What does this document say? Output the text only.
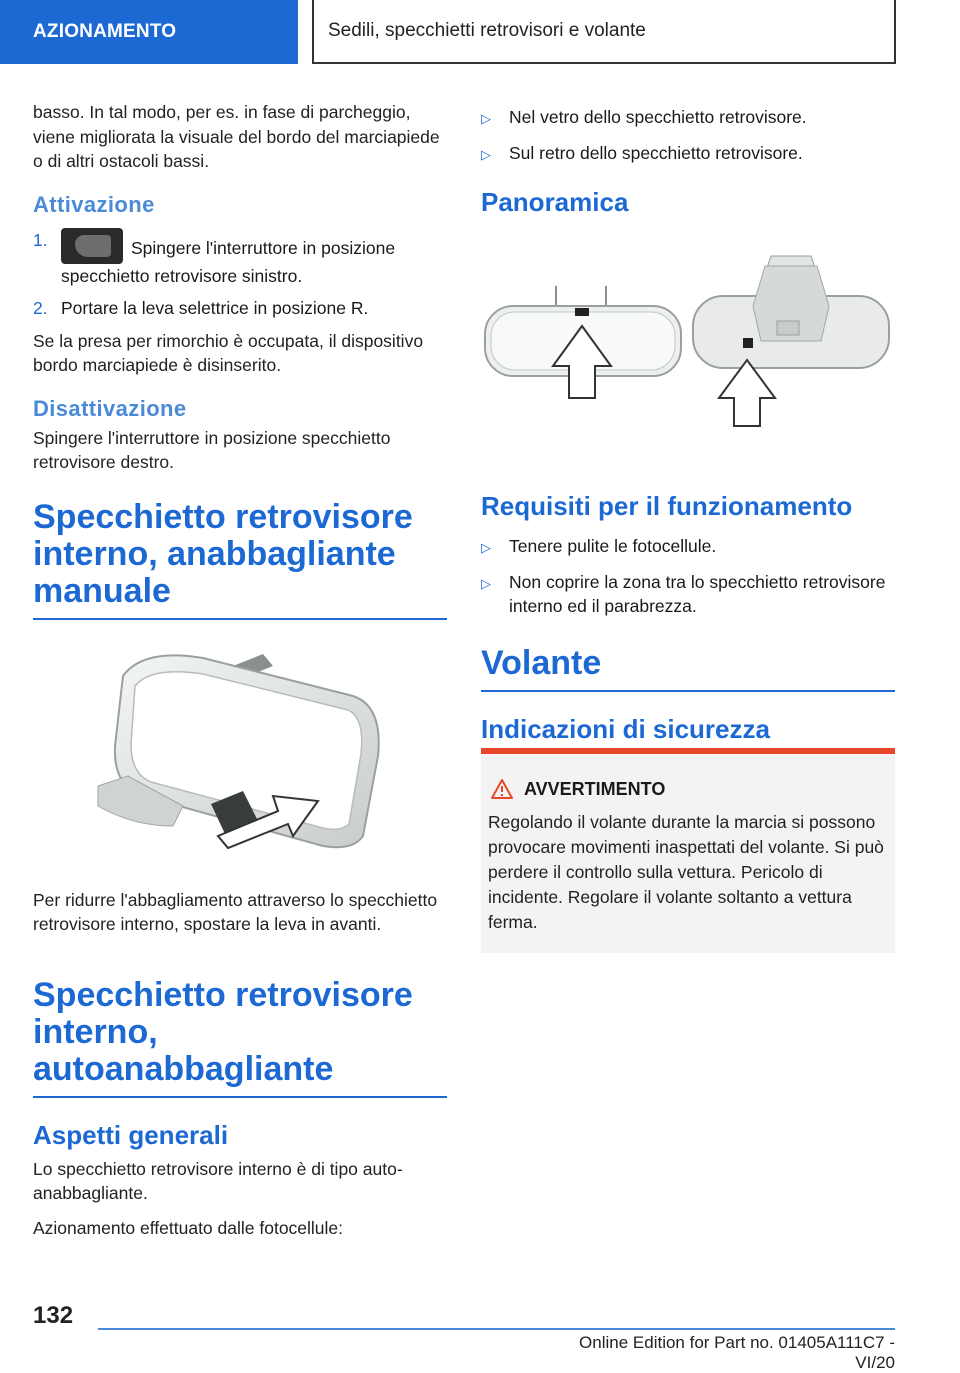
AZIONAMENTO	Sedili, specchietti retrovisori e volante

basso. In tal modo, per es. in fase di parcheggio, viene migliorata la visuale del bordo del marciapiede o di altri ostacoli bassi.

Attivazione
1.	Spingere l'interruttore in posizione specchietto retrovisore sinistro.
2. Portare la leva selettrice in posizione R.

Se la presa per rimorchio è occupata, il dispositivo bordo marciapiede è disinserito.

Disattivazione

Spingere l'interruttore in posizione specchietto retrovisore destro.

Specchietto retrovisore interno, anabbagliante manuale

Per ridurre l'abbagliamento attraverso lo specchietto retrovisore interno, spostare la leva in avanti.

Specchietto retrovisore interno, autoanabbagliante
Aspetti generali

Lo specchietto retrovisore interno è di tipo autoanabbagliante.

Azionamento effettuato dalle fotocellule:

▷	Nel vetro dello specchietto retrovisore.
▷	Sul retro dello specchietto retrovisore.
Panoramica
Requisiti per il funzionamento
▷	Tenere pulite le fotocellule.
▷	Non coprire la zona tra lo specchietto retrovisore interno ed il parabrezza.
Volante
Indicazioni di sicurezza
AVVERTIMENTO
Regolando il volante durante la marcia si possono provocare movimenti inaspettati del volante. Si può perdere il controllo sulla vettura. Pericolo di incidente. Regolare il volante soltanto a vettura ferma.
132
Online Edition for Part no. 01405A111C7 - VI/20
